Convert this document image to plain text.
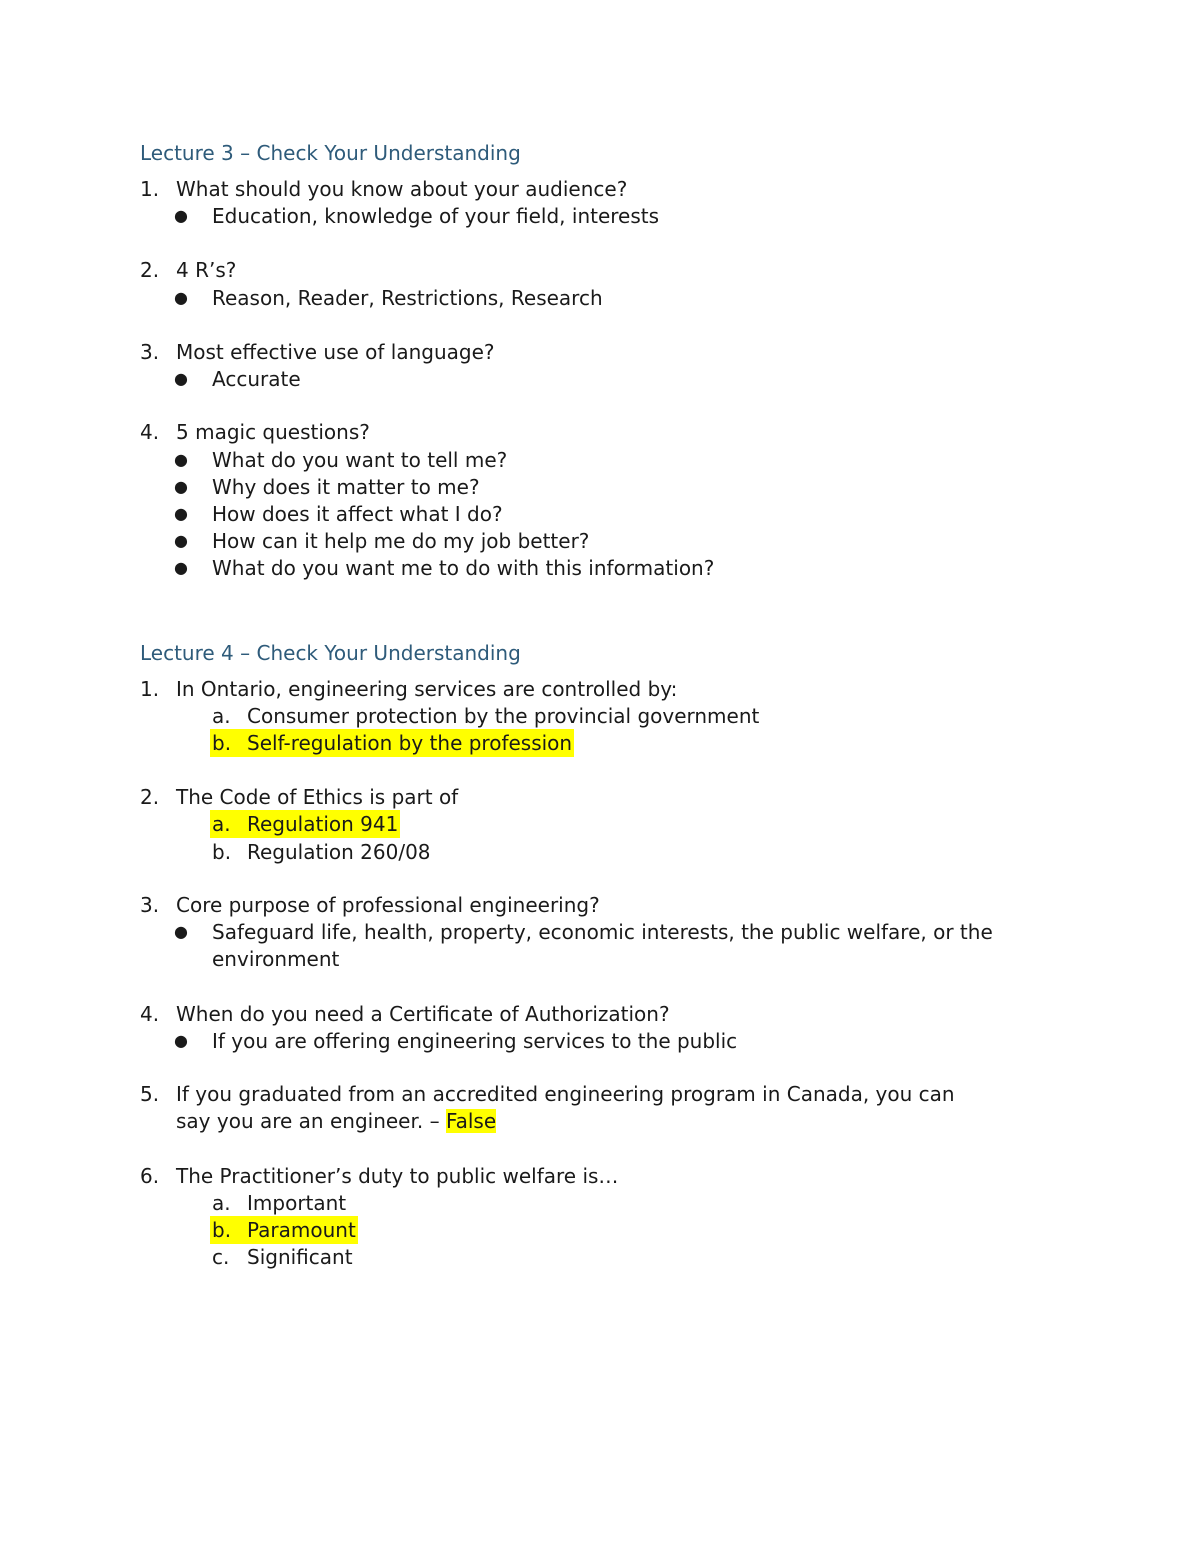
Lecture 3 – Check Your Understanding
1. What should you know about your audience?
● Education, knowledge of your field, interests
2. 4 R’s?
● Reason, Reader, Restrictions, Research
3. Most effective use of language?
● Accurate
4. 5 magic questions?
● What do you want to tell me?
● Why does it matter to me?
● How does it affect what I do?
● How can it help me do my job better?
● What do you want me to do with this information?
Lecture 4 – Check Your Understanding
1. In Ontario, engineering services are controlled by:
a. Consumer protection by the provincial government
b. Self-regulation by the profession
2. The Code of Ethics is part of
a. Regulation 941
b. Regulation 260/08
3. Core purpose of professional engineering?
● Safeguard life, health, property, economic interests, the public welfare, or the
environment
4. When do you need a Certificate of Authorization?
● If you are offering engineering services to the public
5. If you graduated from an accredited engineering program in Canada, you can
say you are an engineer. – False
6. The Practitioner’s duty to public welfare is…
a. Important
b. Paramount
c. Significant
